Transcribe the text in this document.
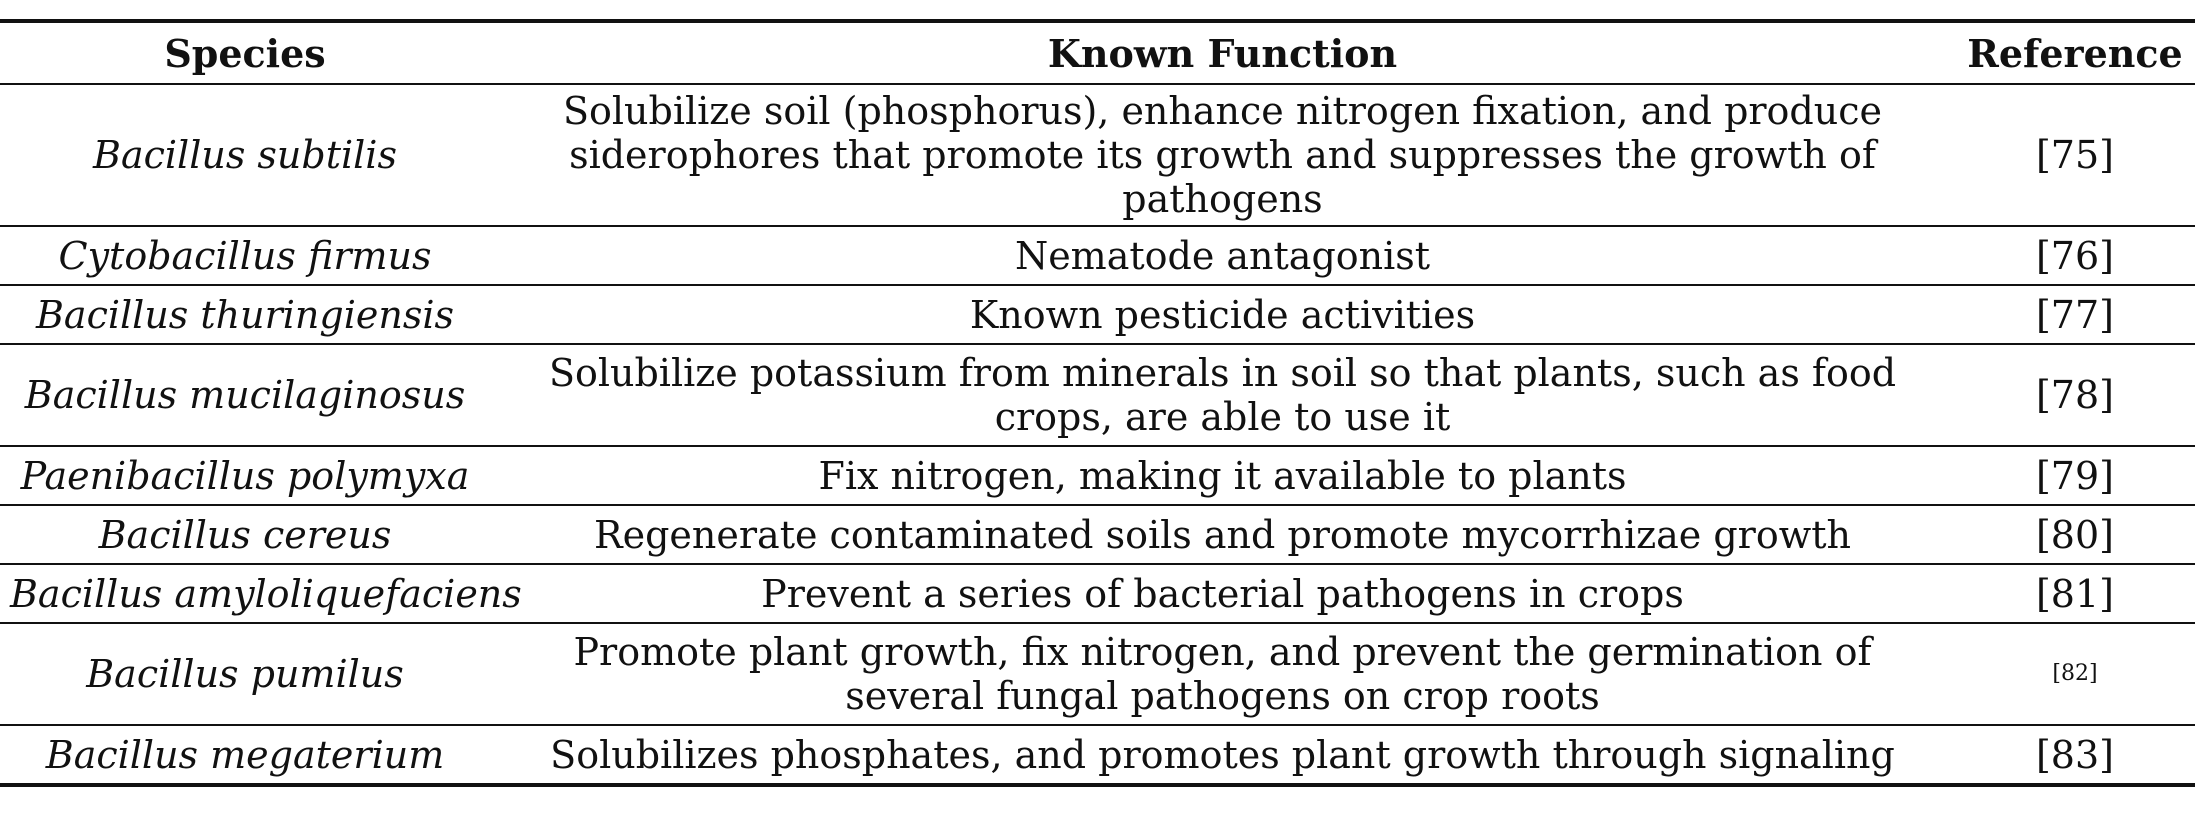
Species	Known Function	Reference
Bacillus subtilis	Solubilize soil (phosphorus), enhance nitrogen fixation, and produce siderophores that promote its growth and suppresses the growth of pathogens	[75]
Cytobacillus firmus	Nematode antagonist	[76]
Bacillus thuringiensis	Known pesticide activities	[77]
Bacillus mucilaginosus	Solubilize potassium from minerals in soil so that plants, such as food crops, are able to use it	[78]
Paenibacillus polymyxa	Fix nitrogen, making it available to plants	[79]
Bacillus cereus	Regenerate contaminated soils and promote mycorrhizae growth	[80]
Bacillus amyloliquefaciens	Prevent a series of bacterial pathogens in crops	[81]
Bacillus pumilus	Promote plant growth, fix nitrogen, and prevent the germination of several fungal pathogens on crop roots	[82]
Bacillus megaterium	Solubilizes phosphates, and promotes plant growth through signaling	[83]
